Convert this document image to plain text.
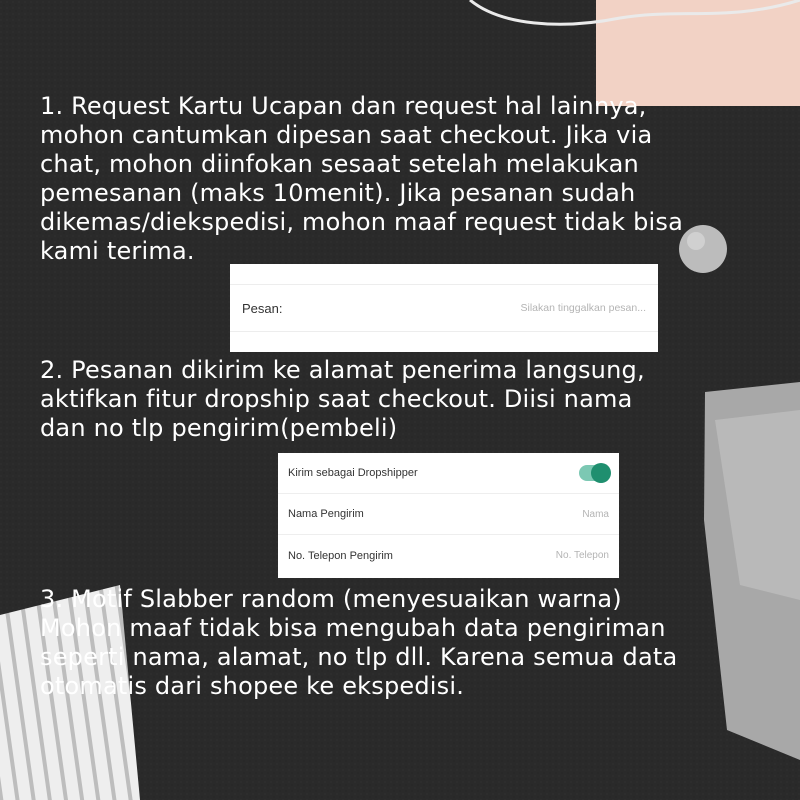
1. Request Kartu Ucapan dan request hal lainnya,
mohon cantumkan dipesan saat checkout. Jika via
chat, mohon diinfokan sesaat setelah melakukan
pemesanan (maks 10menit). Jika pesanan sudah
dikemas/diekspedisi, mohon maaf request tidak bisa
kami terima.

Pesan:	Silakan tinggalkan pesan...

2. Pesanan dikirim ke alamat penerima langsung,
aktifkan fitur dropship saat checkout. Diisi nama
dan no tlp pengirim(pembeli)

Kirim sebagai Dropshipper
Nama Pengirim	Nama
No. Telepon Pengirim	No. Telepon

3. Motif Slabber random (menyesuaikan warna)
Mohon maaf tidak bisa mengubah data pengiriman
seperti nama, alamat, no tlp dll. Karena semua data
otomatis dari shopee ke ekspedisi.
